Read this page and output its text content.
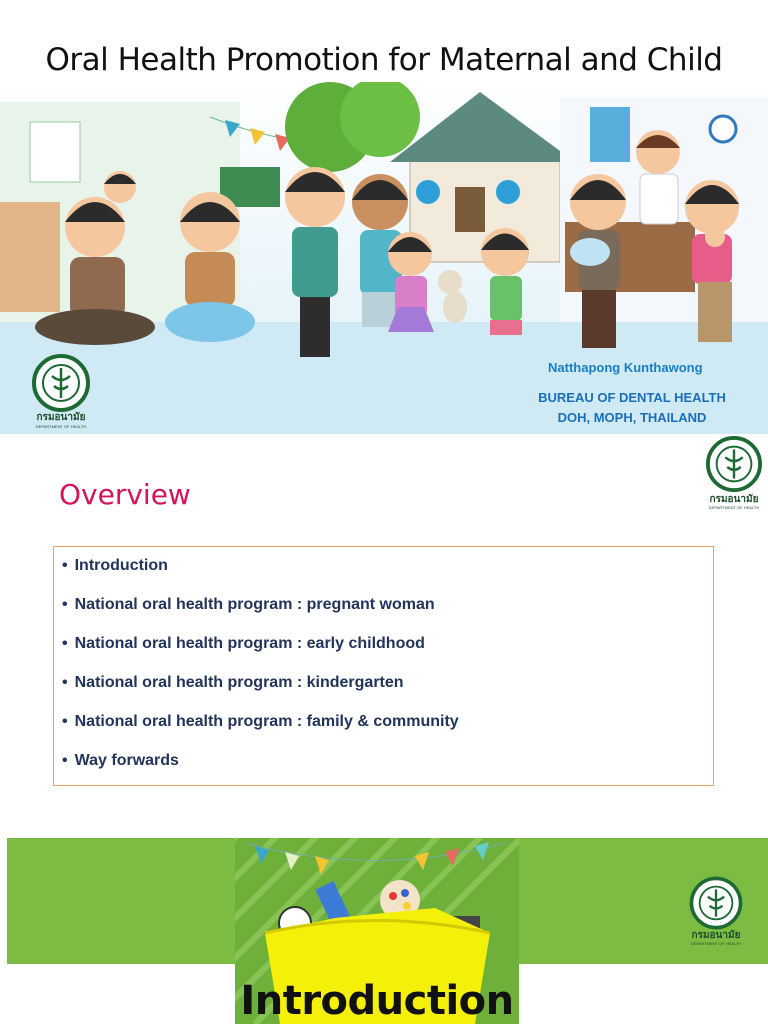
Oral Health Promotion for Maternal and Child
Natthapong Kunthawong
BUREAU OF DENTAL HEALTH
DOH, MOPH, THAILAND
กรมอนามัย
DEPARTMENT OF HEALTH
Overview	กรมอนามัย
DEPARTMENT OF HEALTH
• Introduction
• National oral health program : pregnant woman
• National oral health program : early childhood
• National oral health program : kindergarten
• National oral health program : family & community
• Way forwards
Introduction
กรมอนามัย
DEPARTMENT OF HEALTH
